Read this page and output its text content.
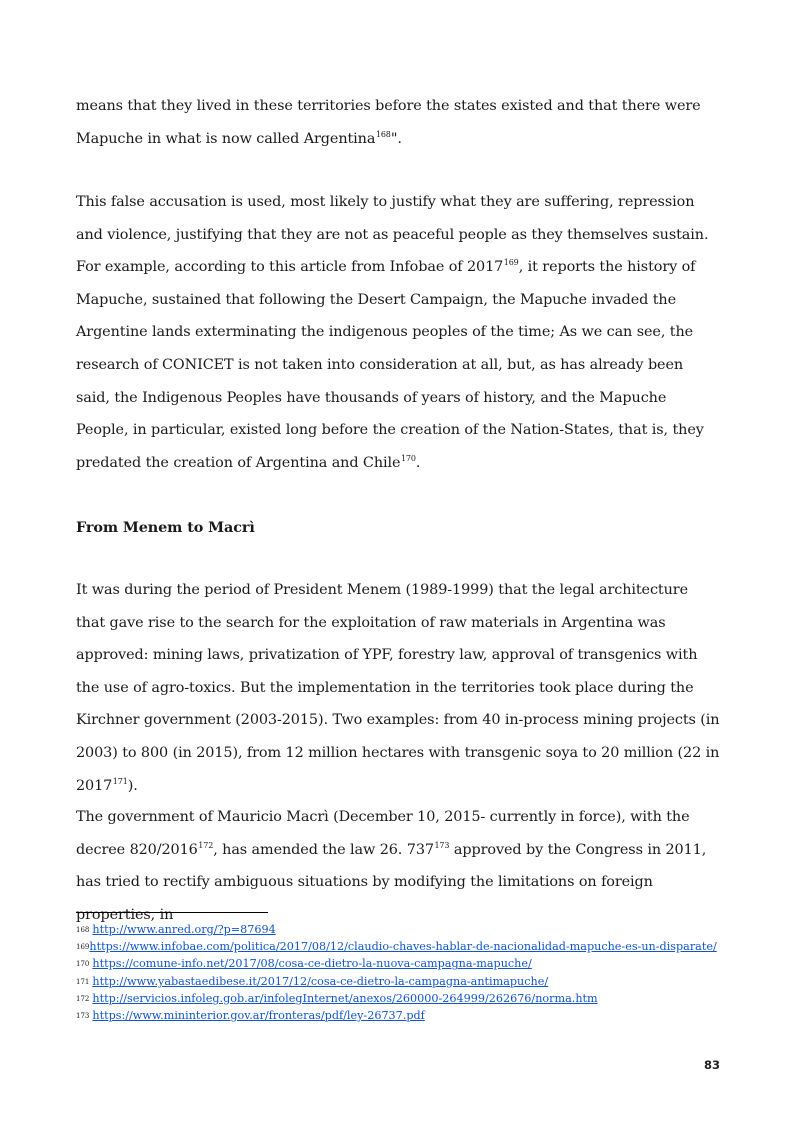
means that they lived in these territories before the states existed and that there were Mapuche in what is now called Argentina$^{168}$".

This false accusation is used, most likely to justify what they are suffering, repression and violence, justifying that they are not as peaceful people as they themselves sustain. For example, according to this article from Infobae of 2017$^{169}$, it reports the history of Mapuche, sustained that following the Desert Campaign, the Mapuche invaded the Argentine lands exterminating the indigenous peoples of the time; As we can see, the research of CONICET is not taken into consideration at all, but, as has already been said, the Indigenous Peoples have thousands of years of history, and the Mapuche People, in particular, existed long before the creation of the Nation-States, that is, they predated the creation of Argentina and Chile$^{170}$.

From Menem to Macrì

It was during the period of President Menem (1989-1999) that the legal architecture that gave rise to the search for the exploitation of raw materials in Argentina was approved: mining laws, privatization of YPF, forestry law, approval of transgenics with the use of agro-toxics. But the implementation in the territories took place during the Kirchner government (2003-2015). Two examples: from 40 in-process mining projects (in 2003) to 800 (in 2015), from 12 million hectares with transgenic soya to 20 million (22 in 2017$^{171}$).

The government of Mauricio Macrì (December 10, 2015- currently in force), with the decree 820/2016$^{172}$, has amended the law 26. $737^{173}$ approved by the Congress in 2011, has tried to rectify ambiguous situations by modifying the limitations on foreign properties, in

$^{168}$ http://www.anred.org/?p=87694

$^{169}$https://www.infobae.com/politica/2017/08/12/claudio-chaves-hablar-de-nacionalidad-mapuche-es-un-disparate/

$^{170}$ https://comune-info.net/2017/08/cosa-ce-dietro-la-nuova-campagna-mapuche/

$^{171}$ http://www.yabastaedibese.it/2017/12/cosa-ce-dietro-la-campagna-antimapuche/

$^{172}$ http://servicios.infoleg.gob.ar/infolegInternet/anexos/260000-264999/262676/norma.htm

$^{173}$ https://www.mininterior.gov.ar/fronteras/pdf/ley-26737.pdf

83
